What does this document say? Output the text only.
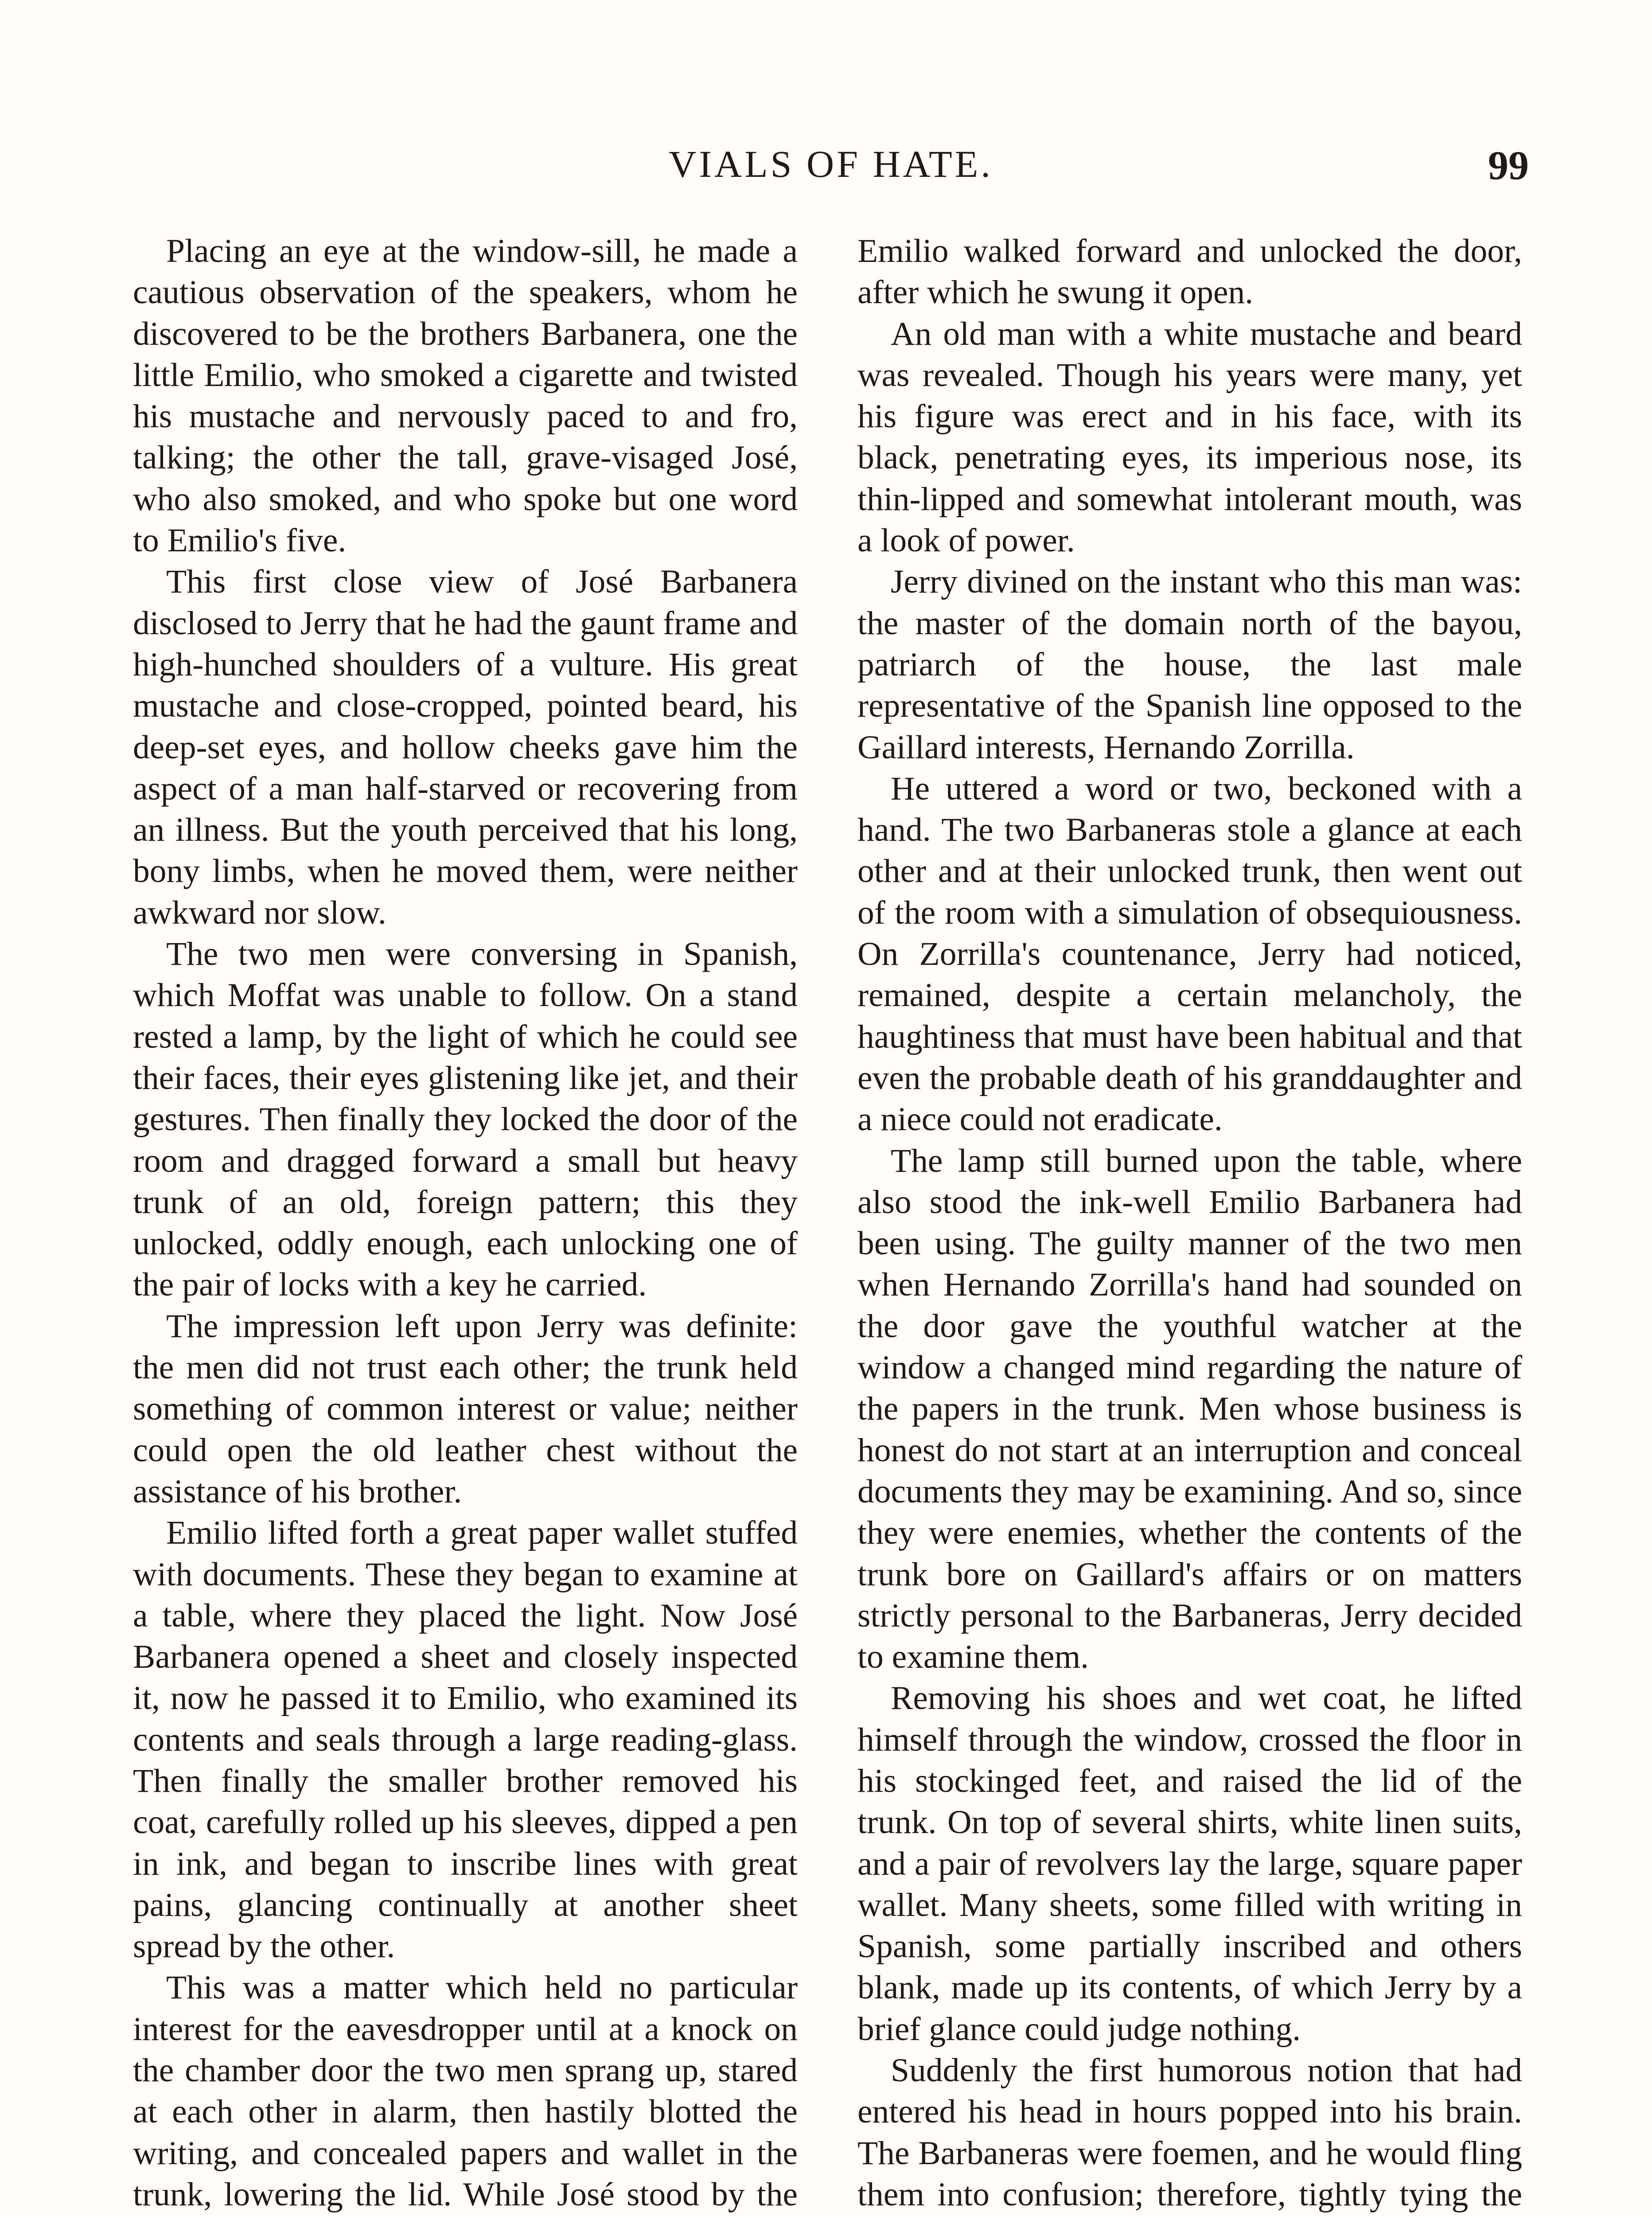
VIALS OF HATE.	99

Placing an eye at the window-sill, he made a cautious observation of the speakers, whom he discovered to be the brothers Barbanera, one the little Emilio, who smoked a cigarette and twisted his mustache and nervously paced to and fro, talking; the other the tall, grave-visaged José, who also smoked, and who spoke but one word to Emilio's five.

This first close view of José Barbanera disclosed to Jerry that he had the gaunt frame and high-hunched shoulders of a vulture. His great mustache and close-cropped, pointed beard, his deep-set eyes, and hollow cheeks gave him the aspect of a man half-starved or recovering from an illness. But the youth perceived that his long, bony limbs, when he moved them, were neither awkward nor slow.

The two men were conversing in Spanish, which Moffat was unable to follow. On a stand rested a lamp, by the light of which he could see their faces, their eyes glistening like jet, and their gestures. Then finally they locked the door of the room and dragged forward a small but heavy trunk of an old, foreign pattern; this they unlocked, oddly enough, each unlocking one of the pair of locks with a key he carried.

The impression left upon Jerry was definite: the men did not trust each other; the trunk held something of common interest or value; neither could open the old leather chest without the assistance of his brother.

Emilio lifted forth a great paper wallet stuffed with documents. These they began to examine at a table, where they placed the light. Now José Barbanera opened a sheet and closely inspected it, now he passed it to Emilio, who examined its contents and seals through a large reading-glass. Then finally the smaller brother removed his coat, carefully rolled up his sleeves, dipped a pen in ink, and began to inscribe lines with great pains, glancing continually at another sheet spread by the other.

This was a matter which held no particular interest for the eavesdropper until at a knock on the chamber door the two men sprang up, stared at each other in alarm, then hastily blotted the writing, and concealed papers and wallet in the trunk, lowering the lid. While José stood by the

Emilio walked forward and unlocked the door, after which he swung it open.

An old man with a white mustache and beard was revealed. Though his years were many, yet his figure was erect and in his face, with its black, penetrating eyes, its imperious nose, its thin-lipped and somewhat intolerant mouth, was a look of power.

Jerry divined on the instant who this man was: the master of the domain north of the bayou, patriarch of the house, the last male representative of the Spanish line opposed to the Gaillard interests, Hernando Zorrilla.

He uttered a word or two, beckoned with a hand. The two Barbaneras stole a glance at each other and at their unlocked trunk, then went out of the room with a simulation of obsequiousness. On Zorrilla's countenance, Jerry had noticed, remained, despite a certain melancholy, the haughtiness that must have been habitual and that even the probable death of his granddaughter and a niece could not eradicate.

The lamp still burned upon the table, where also stood the ink-well Emilio Barbanera had been using. The guilty manner of the two men when Hernando Zorrilla's hand had sounded on the door gave the youthful watcher at the window a changed mind regarding the nature of the papers in the trunk. Men whose business is honest do not start at an interruption and conceal documents they may be examining. And so, since they were enemies, whether the contents of the trunk bore on Gaillard's affairs or on matters strictly personal to the Barbaneras, Jerry decided to examine them.

Removing his shoes and wet coat, he lifted himself through the window, crossed the floor in his stockinged feet, and raised the lid of the trunk. On top of several shirts, white linen suits, and a pair of revolvers lay the large, square paper wallet. Many sheets, some filled with writing in Spanish, some partially inscribed and others blank, made up its contents, of which Jerry by a brief glance could judge nothing.

Suddenly the first humorous notion that had entered his head in hours popped into his brain. The Barbaneras were foemen, and he would fling them into confusion; therefore, tightly tying the
